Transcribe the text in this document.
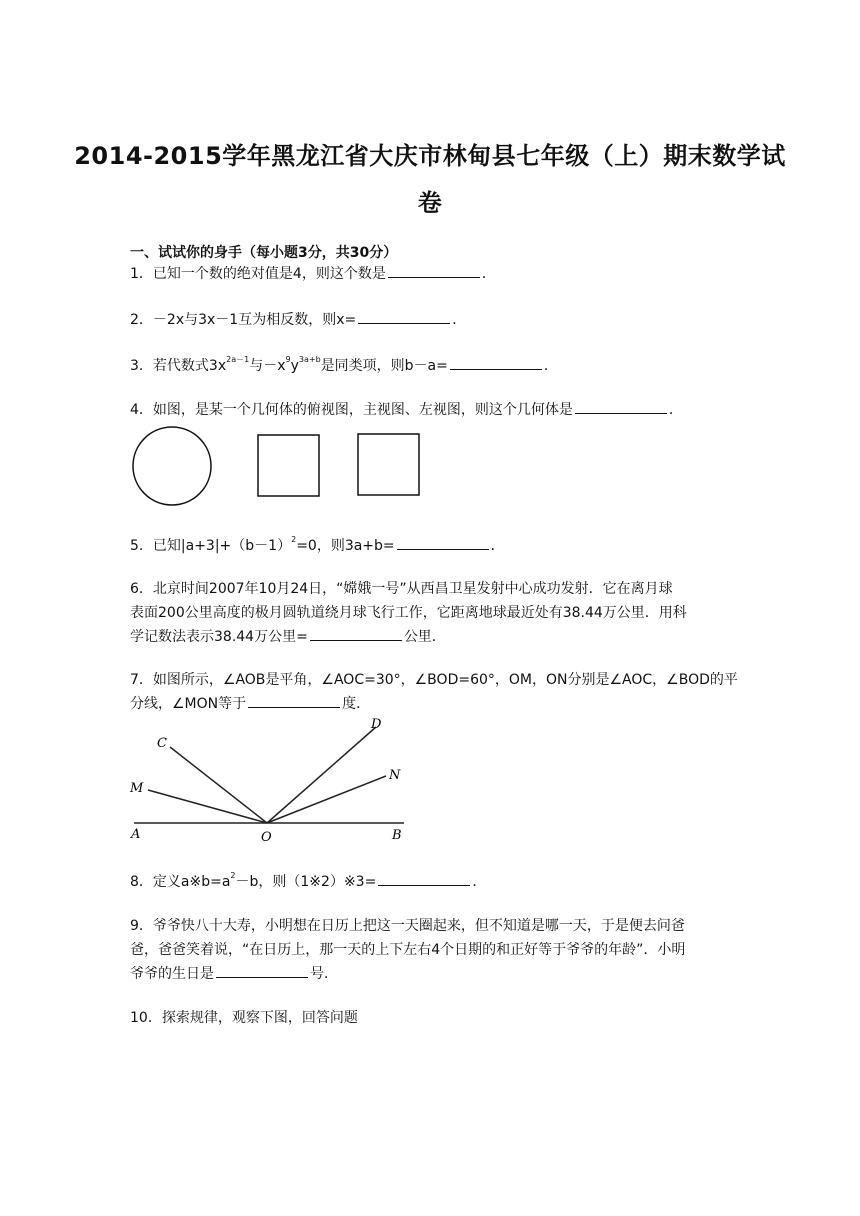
2014-2015学年黑龙江省大庆市林甸县七年级（上）期末数学试
卷
一、试试你的身手（每小题3分，共30分）
1．已知一个数的绝对值是4，则这个数是	．
2．－2x与3x－1互为相反数，则x=	．
3．若代数式$3x^{2a-1}$与$-x^9y^{3a+b}$是同类项，则b－a=	．
4．如图，是某一个几何体的俯视图，主视图、左视图，则这个几何体是	．
5．已知$|a+3|+(b-1)^2=0$，则3a+b=	．
6．北京时间2007年10月24日，“嫦娥一号”从西昌卫星发射中心成功发射．它在离月球
表面200公里高度的极月圆轨道绕月球飞行工作，它距离地球最近处有38.44万公里．用科
学记数法表示38.44万公里=	公里．
7．如图所示，∠AOB是平角，∠AOC=30°，∠BOD=60°，OM，ON分别是∠AOC，∠BOD的平
分线，∠MON等于	度．
C
D
M
N
A	O	B
8．定义$a※b=a^2-b$，则（1※2）※3=	．
9．爷爷快八十大寿，小明想在日历上把这一天圈起来，但不知道是哪一天，于是便去问爸
爸，爸爸笑着说，“在日历上，那一天的上下左右4个日期的和正好等于爷爷的年龄”．小明
爷爷的生日是	号．
10．探索规律，观察下图，回答问题
